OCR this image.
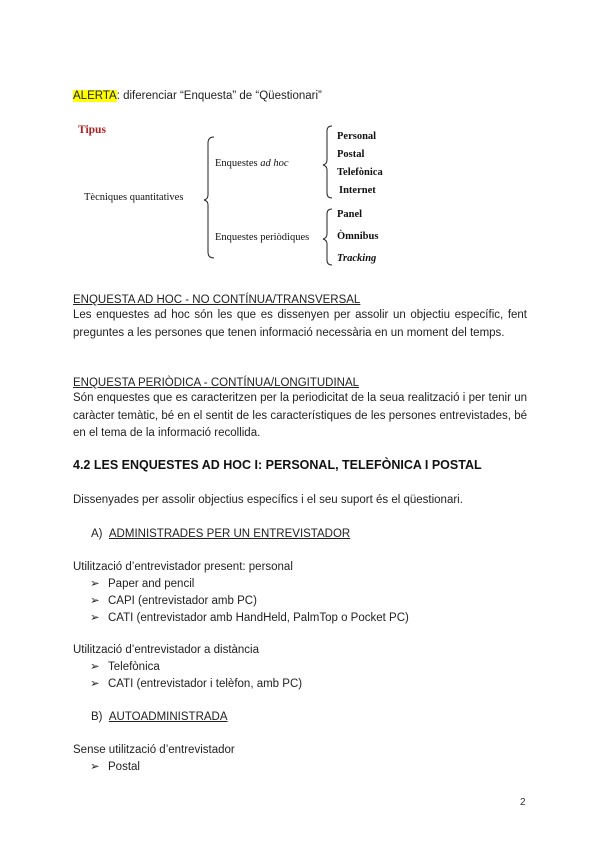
ALERTA: diferenciar “Enquesta” de “Qüestionari”
Tipus
Tècniques quantitatives
Enquestes ad hoc
Enquestes periòdiques
Personal
Postal
Telefònica
Internet
Panel
Òmnibus
Tracking
ENQUESTA AD HOC - NO CONTÍNUA/TRANSVERSAL
Les enquestes ad hoc són les que es dissenyen per assolir un objectiu específic, fent preguntes a les persones que tenen informació necessària en un moment del temps.
ENQUESTA PERIÒDICA - CONTÍNUA/LONGITUDINAL
Són enquestes que es caracteritzen per la periodicitat de la seua realització i per tenir un caràcter temàtic, bé en el sentit de les característiques de les persones entrevistades, bé en el tema de la informació recollida.
4.2 LES ENQUESTES AD HOC I: PERSONAL, TELEFÒNICA I POSTAL
Dissenyades per assolir objectius específics i el seu suport és el qüestionari.
A) ADMINISTRADES PER UN ENTREVISTADOR
Utilització d’entrevistador present: personal
➢ Paper and pencil
➢ CAPI (entrevistador amb PC)
➢ CATI (entrevistador amb HandHeld, PalmTop o Pocket PC)
Utilització d’entrevistador a distància
➢ Telefònica
➢ CATI (entrevistador i telèfon, amb PC)
B) AUTOADMINISTRADA
Sense utilització d’entrevistador
➢ Postal
2
